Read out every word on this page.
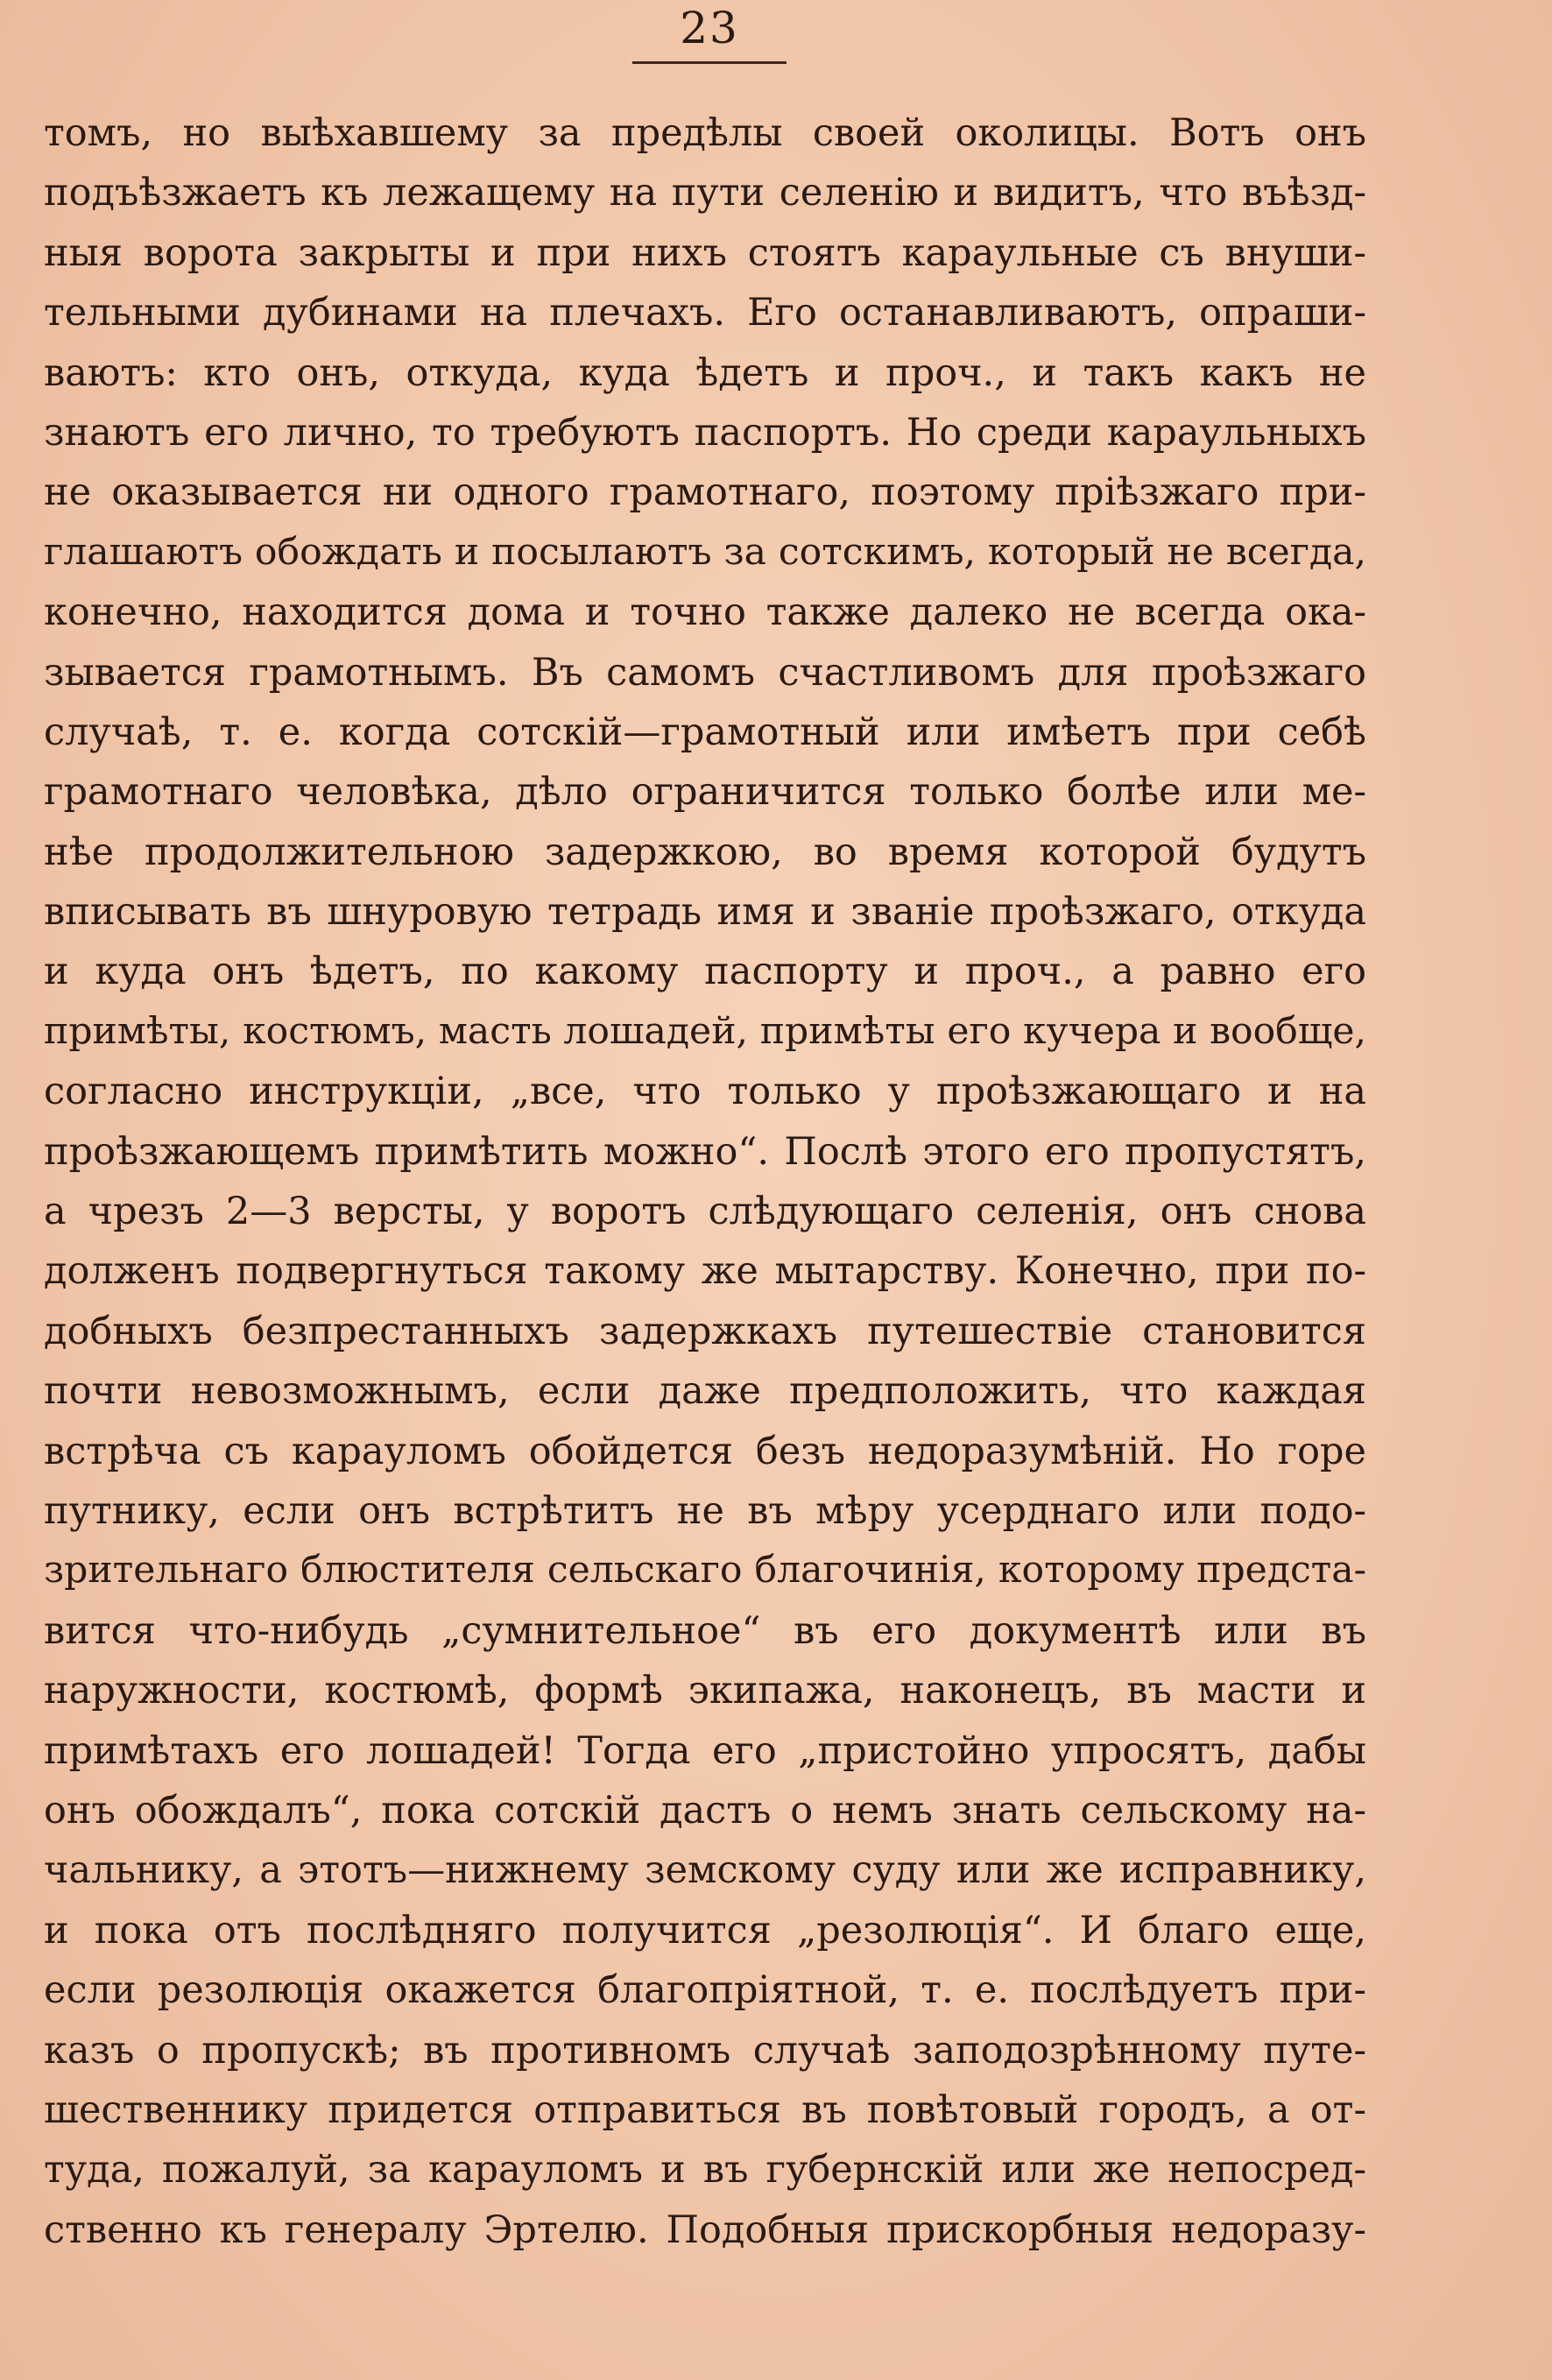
23
томъ, но выѣхавшему за предѣлы своей околицы. Вотъ онъ
подъѣзжаетъ къ лежащему на пути селенію и видитъ, что въѣзд-
ныя ворота закрыты и при нихъ стоятъ караульные съ внуши-
тельными дубинами на плечахъ. Его останавливаютъ, опраши-
ваютъ: кто онъ, откуда, куда ѣдетъ и проч., и такъ какъ не
знаютъ его лично, то требуютъ паспортъ. Но среди караульныхъ
не оказывается ни одного грамотнаго, поэтому пріѣзжаго при-
глашаютъ обождать и посылаютъ за сотскимъ, который не всегда,
конечно, находится дома и точно также далеко не всегда ока-
зывается грамотнымъ. Въ самомъ счастливомъ для проѣзжаго
случаѣ, т. е. когда сотскій—грамотный или имѣетъ при себѣ
грамотнаго человѣка, дѣло ограничится только болѣе или ме-
нѣе продолжительною задержкою, во время которой будутъ
вписывать въ шнуровую тетрадь имя и званіе проѣзжаго, откуда
и куда онъ ѣдетъ, по какому паспорту и проч., а равно его
примѣты, костюмъ, масть лошадей, примѣты его кучера и вообще,
согласно инструкціи, „все, что только у проѣзжающаго и на
проѣзжающемъ примѣтить можно“. Послѣ этого его пропустятъ,
а чрезъ 2—3 версты, у воротъ слѣдующаго селенія, онъ снова
долженъ подвергнуться такому же мытарству. Конечно, при по-
добныхъ безпрестанныхъ задержкахъ путешествіе становится
почти невозможнымъ, если даже предположить, что каждая
встрѣча съ карауломъ обойдется безъ недоразумѣній. Но горе
путнику, если онъ встрѣтитъ не въ мѣру усерднаго или подо-
зрительнаго блюстителя сельскаго благочинія, которому предста-
вится что-нибудь „сумнительное“ въ его документѣ или въ
наружности, костюмѣ, формѣ экипажа, наконецъ, въ масти и
примѣтахъ его лошадей! Тогда его „пристойно упросятъ, дабы
онъ обождалъ“, пока сотскій дастъ о немъ знать сельскому на-
чальнику, а этотъ—нижнему земскому суду или же исправнику,
и пока отъ послѣдняго получится „резолюція“. И благо еще,
если резолюція окажется благопріятной, т. е. послѣдуетъ при-
казъ о пропускѣ; въ противномъ случаѣ заподозрѣнному путе-
шественнику придется отправиться въ повѣтовый городъ, а от-
туда, пожалуй, за карауломъ и въ губернскій или же непосред-
ственно къ генералу Эртелю. Подобныя прискорбныя недоразу-
